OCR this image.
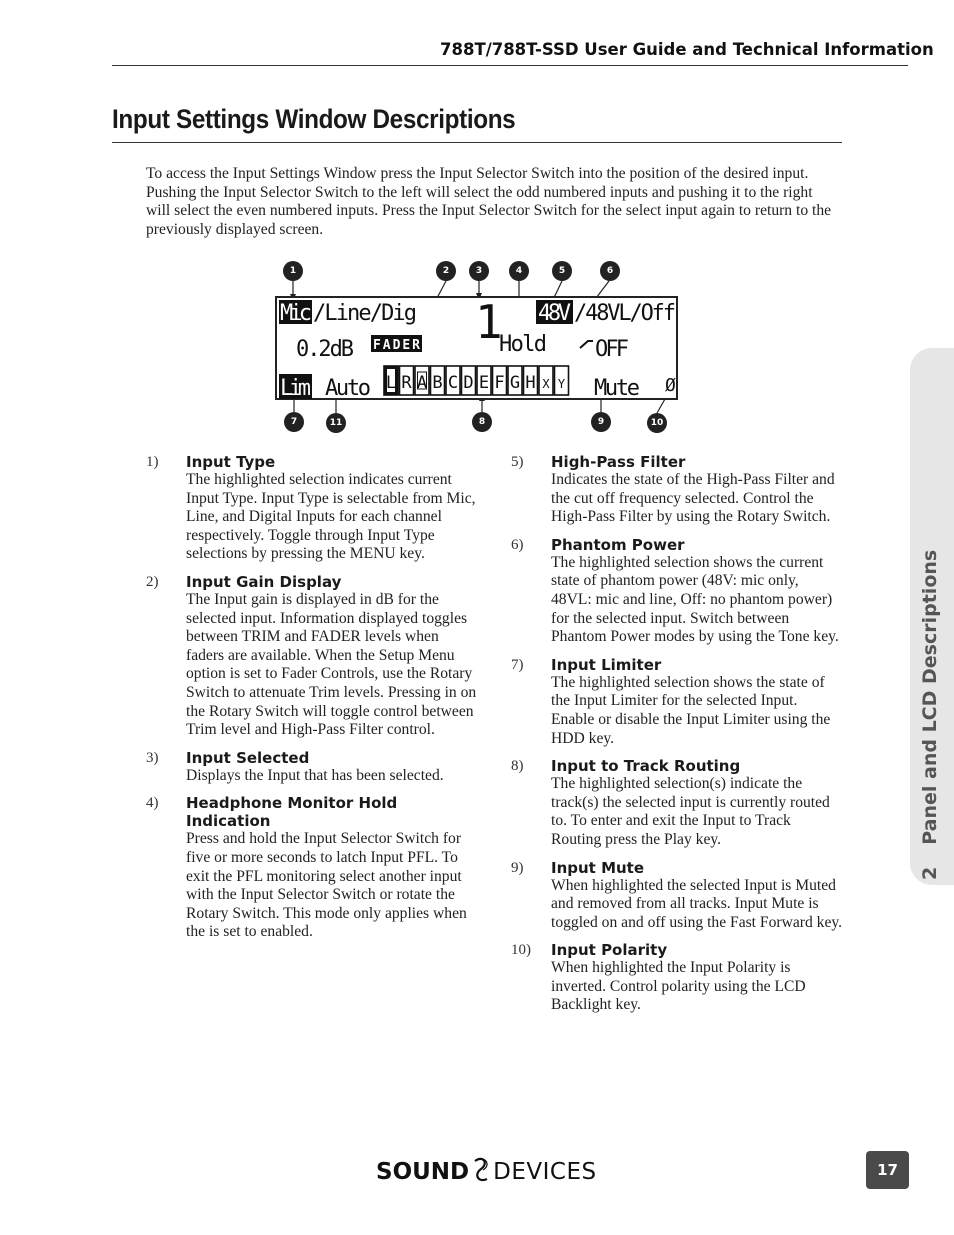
788T/788T-SSD User Guide and Technical Information
Input Settings Window Descriptions

To access the Input Settings Window press the Input Selector Switch into the position of the desired input. Pushing the Input Selector Switch to the left will select the odd numbered inputs and pushing it to the right will select the even numbered inputs. Press the Input Selector Switch for the select input again to return to the previously displayed screen.

Mic /Line/Dig 1 48V /48VL/Off
0.2dB FADER	Hold OFF
Lim Auto L R A B C D E F G H X Y Mute Ø
1	2	3	4	5	6
7	11	8	9	10
1)	Input Type
The highlighted selection indicates current Input Type. Input Type is selectable from Mic, Line, and Digital Inputs for each channel respectively. Toggle through Input Type selections by pressing the MENU key.
2)	Input Gain Display
The Input gain is displayed in dB for the selected input. Information displayed toggles between TRIM and FADER levels when faders are available. When the Setup Menu option is set to Fader Controls, use the Rotary Switch to attenuate Trim levels. Pressing in on the Rotary Switch will toggle control between Trim level and High-Pass Filter control.
3)	Input Selected
Displays the Input that has been selected.
4)	Headphone Monitor Hold Indication
Press and hold the Input Selector Switch for five or more seconds to latch Input PFL. To exit the PFL monitoring select another input with the Input Selector Switch or rotate the Rotary Switch. This mode only applies when the is set to enabled.
5)	High-Pass Filter
Indicates the state of the High-Pass Filter and the cut off frequency selected. Control the High-Pass Filter by using the Rotary Switch.
6)	Phantom Power
The highlighted selection shows the current state of phantom power (48V: mic only, 48VL: mic and line, Off: no phantom power) for the selected input. Switch between Phantom Power modes by using the Tone key.
7)	Input Limiter
The highlighted selection shows the state of the Input Limiter for the selected Input. Enable or disable the Input Limiter using the HDD key.
8)	Input to Track Routing
The highlighted selection(s) indicate the track(s) the selected input is currently routed to. To enter and exit the Input to Track Routing press the Play key.
9)	Input Mute
When highlighted the selected Input is Muted and removed from all tracks. Input Mute is toggled on and off using the Fast Forward key.
10)	Input Polarity
When highlighted the Input Polarity is inverted. Control polarity using the LCD Backlight key.
2Panel and LCD Descriptions
SOUND DEVICES	17
